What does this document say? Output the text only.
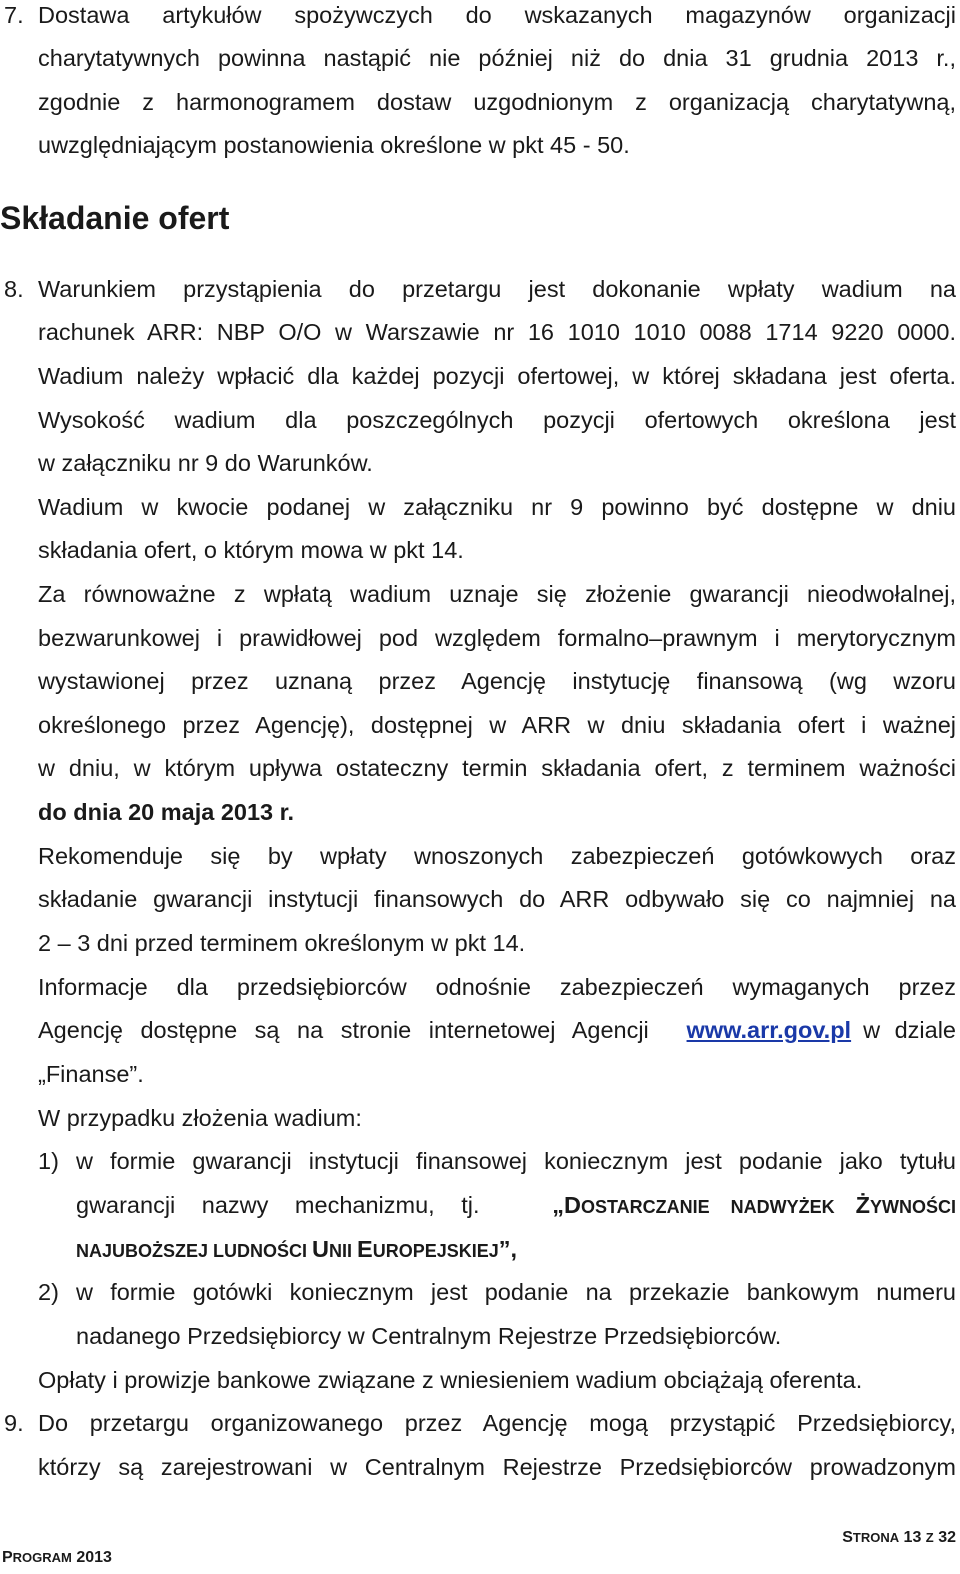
7. Dostawa artykułów spożywczych do wskazanych magazynów organizacji
charytatywnych powinna nastąpić nie później niż do dnia 31 grudnia 2013 r.,
zgodnie z harmonogramem dostaw uzgodnionym z organizacją charytatywną,
uwzględniającym postanowienia określone w pkt 45 - 50.
Składanie ofert
8. Warunkiem przystąpienia do przetargu jest dokonanie wpłaty wadium na
rachunek ARR: NBP O/O w Warszawie nr 16 1010 1010 0088 1714 9220 0000.
Wadium należy wpłacić dla każdej pozycji ofertowej, w której składana jest oferta.
Wysokość wadium dla poszczególnych pozycji ofertowych określona jest
w załączniku nr 9 do Warunków.
Wadium w kwocie podanej w załączniku nr 9 powinno być dostępne w dniu
składania ofert, o którym mowa w pkt 14.
Za równoważne z wpłatą wadium uznaje się złożenie gwarancji nieodwołalnej,
bezwarunkowej i prawidłowej pod względem formalno–prawnym i merytorycznym
wystawionej przez uznaną przez Agencję instytucję finansową (wg wzoru
określonego przez Agencję), dostępnej w ARR w dniu składania ofert i ważnej
w dniu, w którym upływa ostateczny termin składania ofert, z terminem ważności
do dnia 20 maja 2013 r.
Rekomenduje się by wpłaty wnoszonych zabezpieczeń gotówkowych oraz
składanie gwarancji instytucji finansowych do ARR odbywało się co najmniej na
2 – 3 dni przed terminem określonym w pkt 14.
Informacje dla przedsiębiorców odnośnie zabezpieczeń wymaganych przez
Agencję dostępne są na stronie internetowej Agencji www.arr.gov.pl w dziale
„Finanse”.
W przypadku złożenia wadium:
1) w formie gwarancji instytucji finansowej koniecznym jest podanie jako tytułu
gwarancji nazwy mechanizmu, tj.	„DOSTARCZANIE NADWYŻEK ŻYWNOŚCI
NAJUBOŻSZEJ LUDNOŚCI UNII EUROPEJSKIEJ”,
2) w formie gotówki koniecznym jest podanie na przekazie bankowym numeru
nadanego Przedsiębiorcy w Centralnym Rejestrze Przedsiębiorców.
Opłaty i prowizje bankowe związane z wniesieniem wadium obciążają oferenta.
9. Do przetargu organizowanego przez Agencję mogą przystąpić Przedsiębiorcy,
którzy są zarejestrowani w Centralnym Rejestrze Przedsiębiorców prowadzonym
STRONA 13 Z 32
PROGRAM 2013
